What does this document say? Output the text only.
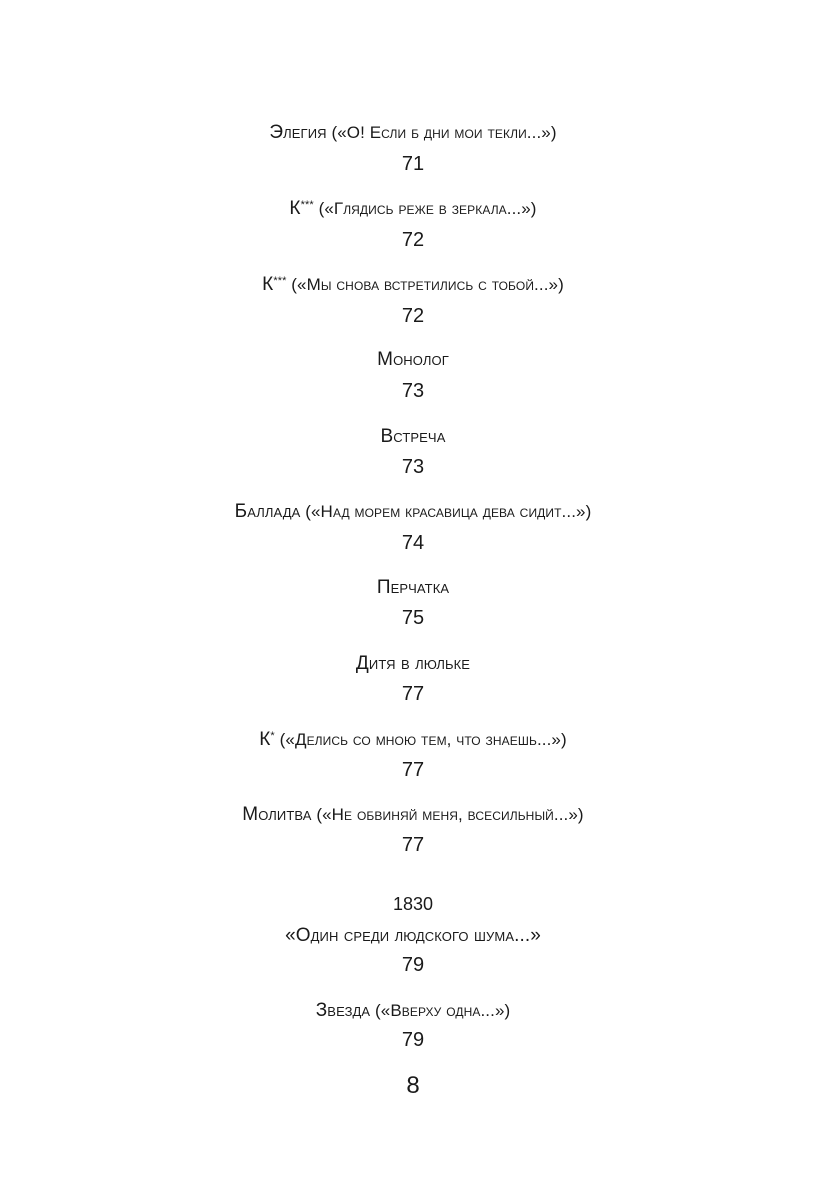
Элегия («О! Если б дни мои текли...»)
71
К*** («Глядись реже в зеркала...»)
72
К*** («Мы снова встретились с тобой...»)
72
Монолог
73
Встреча
73
Баллада («Над морем красавица дева сидит...»)
74
Перчатка
75
Дитя в люльке
77
К* («Делись со мною тем, что знаешь...»)
77
Молитва («Не обвиняй меня, всесильный...»)
77
1830
«Один среди людского шума...»
79
Звезда («Вверху одна...»)
79
8
